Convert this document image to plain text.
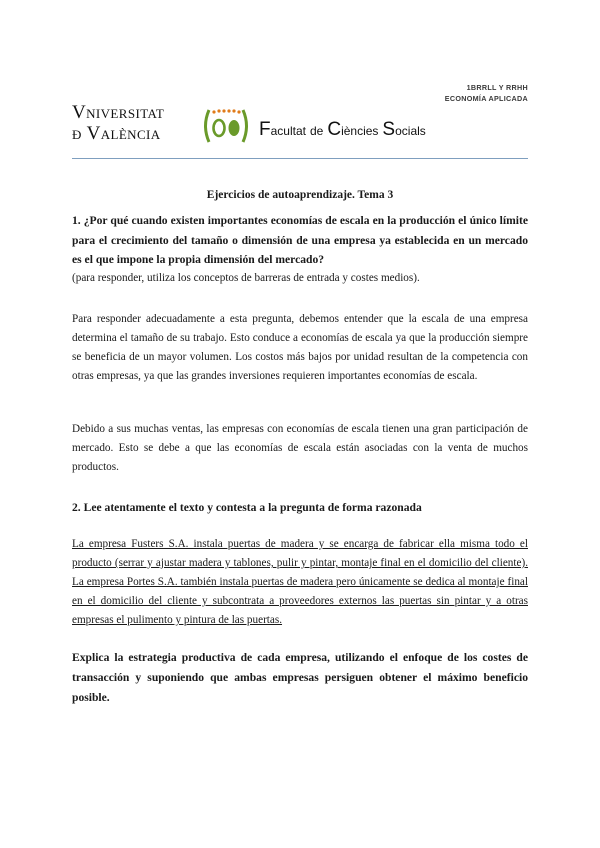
1BRRLL Y RRHH
ECONOMÍA APLICADA
Vniversitat
ð València	Facultat de Ciències Socials
Ejercicios de autoaprendizaje. Tema 3
1. ¿Por qué cuando existen importantes economías de escala en la producción el único límite para el crecimiento del tamaño o dimensión de una empresa ya establecida en un mercado es el que impone la propia dimensión del mercado?
(para responder, utiliza los conceptos de barreras de entrada y costes medios).
Para responder adecuadamente a esta pregunta, debemos entender que la escala de una empresa determina el tamaño de su trabajo. Esto conduce a economías de escala ya que la producción siempre se beneficia de un mayor volumen. Los costos más bajos por unidad resultan de la competencia con otras empresas, ya que las grandes inversiones requieren importantes economías de escala.
Debido a sus muchas ventas, las empresas con economías de escala tienen una gran participación de mercado. Esto se debe a que las economías de escala están asociadas con la venta de muchos productos.
2. Lee atentamente el texto y contesta a la pregunta de forma razonada
La empresa Fusters S.A. instala puertas de madera y se encarga de fabricar ella misma todo el producto (serrar y ajustar madera y tablones, pulir y pintar, montaje final en el domicilio del cliente). La empresa Portes S.A. también instala puertas de madera pero únicamente se dedica al montaje final en el domicilio del cliente y subcontrata a proveedores externos las puertas sin pintar y a otras empresas el pulimento y pintura de las puertas.
Explica la estrategia productiva de cada empresa, utilizando el enfoque de los costes de transacción y suponiendo que ambas empresas persiguen obtener el máximo beneficio posible.
